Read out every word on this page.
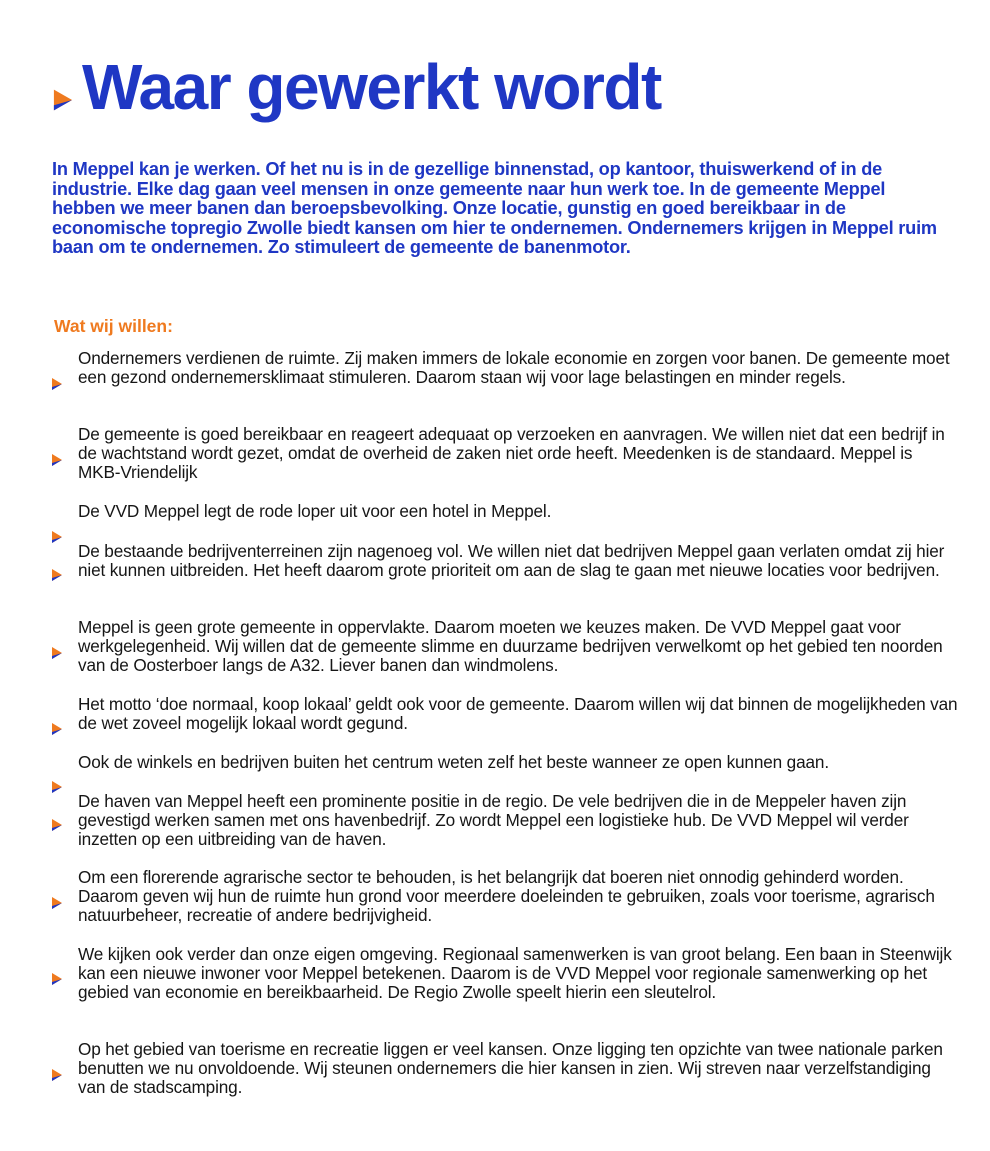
Waar gewerkt wordt

In Meppel kan je werken. Of het nu is in de gezellige binnenstad, op kantoor, thuiswerkend of in de industrie. Elke dag gaan veel mensen in onze gemeente naar hun werk toe. In de gemeente Meppel hebben we meer banen dan beroepsbevolking. Onze locatie, gunstig en goed bereikbaar in de economische topregio Zwolle biedt kansen om hier te ondernemen. Ondernemers krijgen in Meppel ruim baan om te ondernemen. Zo stimuleert de gemeente de banenmotor.

Wat wij willen:

Ondernemers verdienen de ruimte. Zij maken immers de lokale economie en zorgen voor banen. De gemeente moet een gezond ondernemersklimaat stimuleren. Daarom staan wij voor lage belastingen en minder regels.

De gemeente is goed bereikbaar en reageert adequaat op verzoeken en aanvragen. We willen niet dat een bedrijf in de wachtstand wordt gezet, omdat de overheid de zaken niet orde heeft. Meedenken is de standaard. Meppel is MKB-Vriendelijk

De VVD Meppel legt de rode loper uit voor een hotel in Meppel.

De bestaande bedrijventerreinen zijn nagenoeg vol. We willen niet dat bedrijven Meppel gaan verlaten omdat zij hier niet kunnen uitbreiden. Het heeft daarom grote prioriteit om aan de slag te gaan met nieuwe locaties voor bedrijven.

Meppel is geen grote gemeente in oppervlakte. Daarom moeten we keuzes maken. De VVD Meppel gaat voor werkgelegenheid. Wij willen dat de gemeente slimme en duurzame bedrijven verwelkomt op het gebied ten noorden van de Oosterboer langs de A32. Liever banen dan windmolens.

Het motto ‘doe normaal, koop lokaal’ geldt ook voor de gemeente. Daarom willen wij dat binnen de mogelijkheden van de wet zoveel mogelijk lokaal wordt gegund.

Ook de winkels en bedrijven buiten het centrum weten zelf het beste wanneer ze open kunnen gaan.

De haven van Meppel heeft een prominente positie in de regio. De vele bedrijven die in de Meppeler haven zijn gevestigd werken samen met ons havenbedrijf. Zo wordt Meppel een logistieke hub. De VVD Meppel wil verder inzetten op een uitbreiding van de haven.

Om een florerende agrarische sector te behouden, is het belangrijk dat boeren niet onnodig gehinderd worden. Daarom geven wij hun de ruimte hun grond voor meerdere doeleinden te gebruiken, zoals voor toerisme, agrarisch natuurbeheer, recreatie of andere bedrijvigheid.

We kijken ook verder dan onze eigen omgeving. Regionaal samenwerken is van groot belang. Een baan in Steenwijk kan een nieuwe inwoner voor Meppel betekenen. Daarom is de VVD Meppel voor regionale samenwerking op het gebied van economie en bereikbaarheid. De Regio Zwolle speelt hierin een sleutelrol.

Op het gebied van toerisme en recreatie liggen er veel kansen. Onze ligging ten opzichte van twee nationale parken benutten we nu onvoldoende. Wij steunen ondernemers die hier kansen in zien. Wij streven naar verzelfstandiging van de stadscamping.
